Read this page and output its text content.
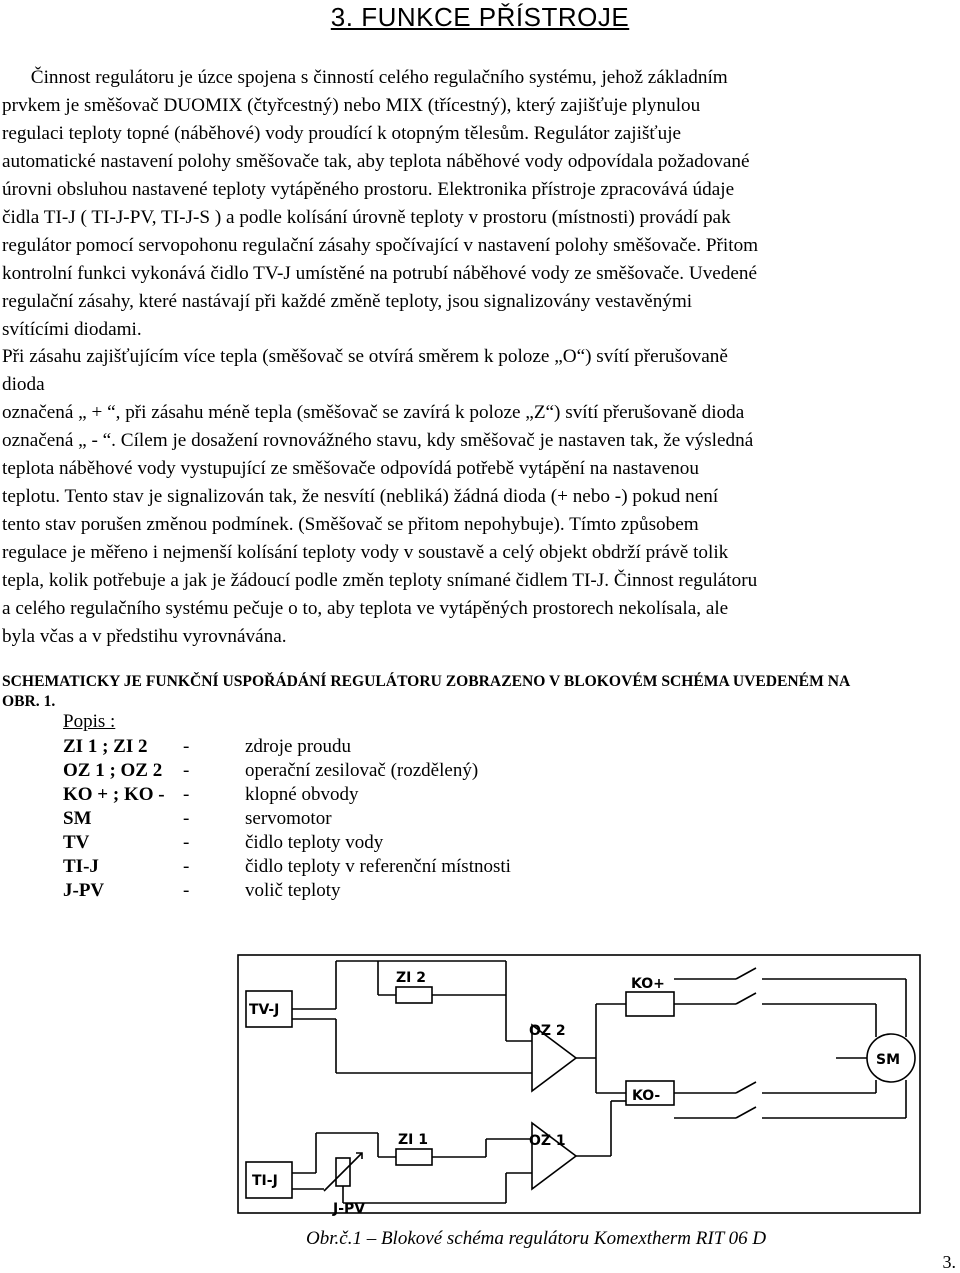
3. FUNKCE PŘÍSTROJE
Činnost regulátoru je úzce spojena s činností celého regulačního systému, jehož základním
prvkem je směšovač DUOMIX (čtyřcestný) nebo MIX (třícestný), který zajišťuje plynulou
regulaci teploty topné (náběhové) vody proudící k otopným tělesům. Regulátor zajišťuje
automatické nastavení polohy směšovače tak, aby teplota náběhové vody odpovídala požadované
úrovni obsluhou nastavené teploty vytápěného prostoru. Elektronika přístroje zpracovává údaje
čidla TI-J ( TI-J-PV, TI-J-S ) a podle kolísání úrovně teploty v prostoru (místnosti) provádí pak
regulátor pomocí servopohonu regulační zásahy spočívající v nastavení polohy směšovače. Přitom
kontrolní funkci vykonává čidlo TV-J umístěné na potrubí náběhové vody ze směšovače. Uvedené
regulační zásahy, které nastávají při každé změně teploty, jsou signalizovány vestavěnými
svítícími diodami.
Při zásahu zajišťujícím více tepla (směšovač se otvírá směrem k poloze „O“) svítí přerušovaně
dioda
označená „ + “, při zásahu méně tepla (směšovač se zavírá k poloze „Z“) svítí přerušovaně dioda
označená „ - “. Cílem je dosažení rovnovážného stavu, kdy směšovač je nastaven tak, že výsledná
teplota náběhové vody vystupující ze směšovače odpovídá potřebě vytápění na nastavenou
teplotu. Tento stav je signalizován tak, že nesvítí (nebliká) žádná dioda (+ nebo -) pokud není
tento stav porušen změnou podmínek. (Směšovač se přitom nepohybuje). Tímto způsobem
regulace je měřeno i nejmenší kolísání teploty vody v soustavě a celý objekt obdrží právě tolik
tepla, kolik potřebuje a jak je žádoucí podle změn teploty snímané čidlem TI-J. Činnost regulátoru
a celého regulačního systému pečuje o to, aby teplota ve vytápěných prostorech nekolísala, ale
byla včas a v předstihu vyrovnávána.
SCHEMATICKY JE FUNKČNÍ USPOŘÁDÁNÍ REGULÁTORU ZOBRAZENO V BLOKOVÉM SCHÉMA UVEDENÉM NA
OBR. 1.
Popis :
ZI 1 ; ZI 2 -	zdroje proudu
OZ 1 ; OZ 2 -	operační zesilovač (rozdělený)
KO + ; KO - -	klopné obvody
SM	-	servomotor
TV	-	čidlo teploty vody
TI-J	-	čidlo teploty v referenční místnosti
J-PV	-	volič teploty
ZI 2
ZI 1
OZ 2
OZ 1
KO+
KO-
TV-J
TI-J
J-PV
SM
Obr.č.1 – Blokové schéma regulátoru Komextherm RIT 06 D
3.
